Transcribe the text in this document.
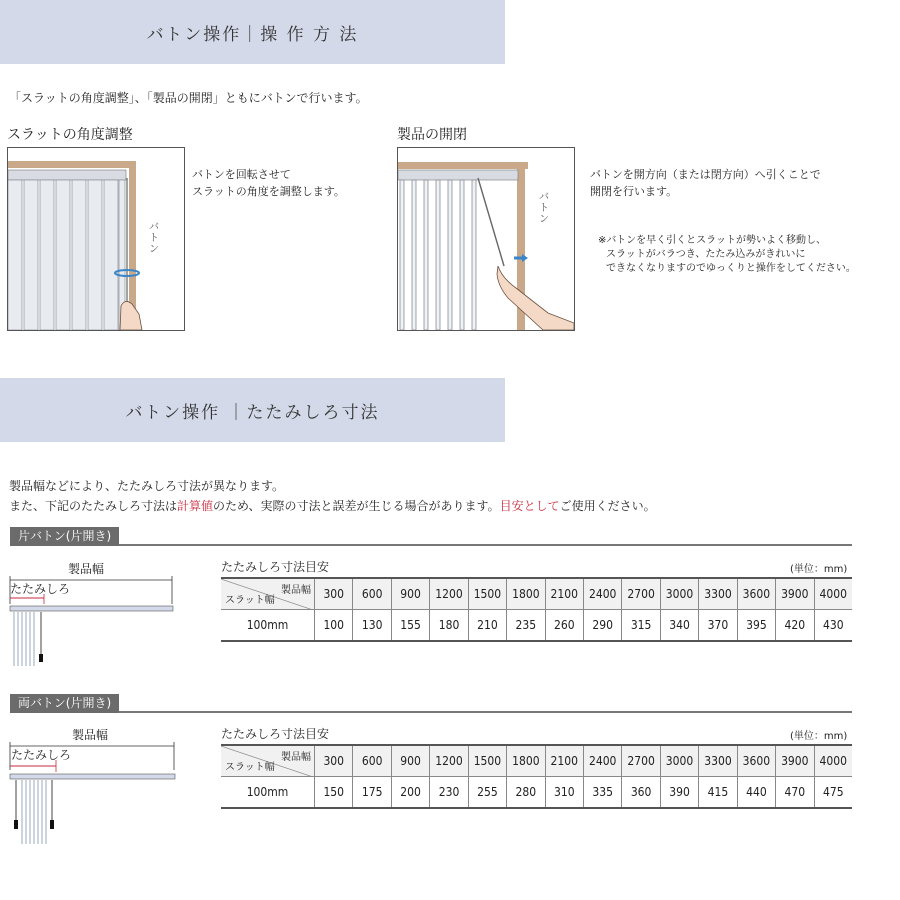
バトン操作｜操 作 方 法
「スラットの角度調整」、「製品の開閉」ともにバトンで行います。
スラットの角度調整	製品の開閉
バトン
バトンを回転させて
スラットの角度を調整します。	バトン
バトンを開方向（または閉方向）へ引くことで
開閉を行います。
※バトンを早く引くとスラットが勢いよく移動し、
スラットがバラつき、たたみ込みがきれいに
できなくなりますのでゆっくりと操作をしてください。
バトン操作 ｜たたみしろ寸法
製品幅などにより、たたみしろ寸法が異なります。
また、下記のたたみしろ寸法は計算値のため、実際の寸法と誤差が生じる場合があります。目安としてご使用ください。
片バトン(片開き)
製品幅
たたみしろ
たたみしろ寸法目安	(単位：mm)
製品幅
スラット幅	300	600	900	1200	1500	1800	2100	2400	2700	3000	3300	3600	3900	4000
100mm	100	130	155	180	210	235	260	290	315	340	370	395	420	430
両バトン(片開き)
製品幅
たたみしろ
たたみしろ寸法目安	(単位：mm)
製品幅
スラット幅	300	600	900	1200	1500	1800	2100	2400	2700	3000	3300	3600	3900	4000
100mm	150	175	200	230	255	280	310	335	360	390	415	440	470	475
